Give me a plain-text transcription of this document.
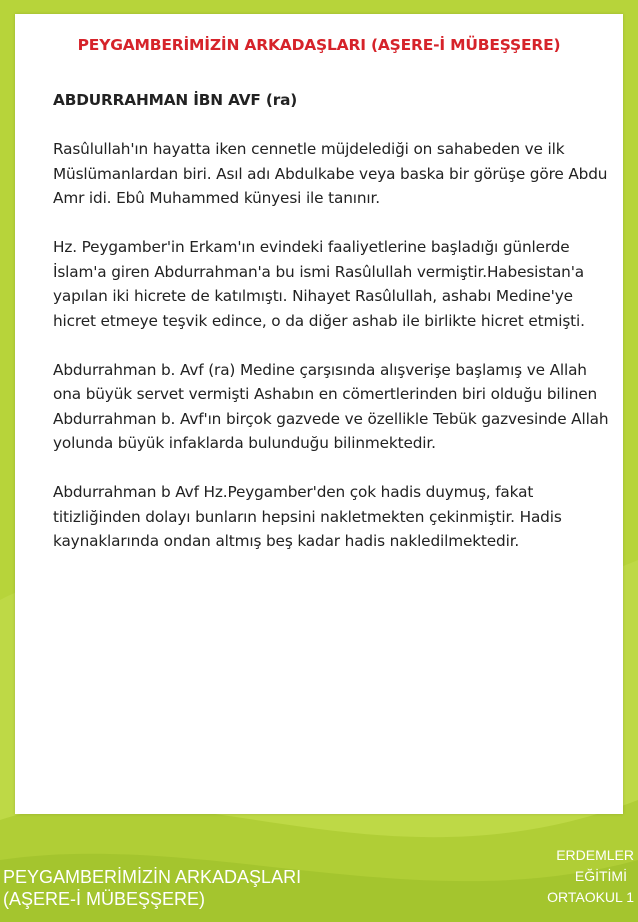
PEYGAMBERİMİZİN ARKADAŞLARI (AŞERE-İ MÜBEŞŞERE)

ABDURRAHMAN İBN AVF (ra)

Rasûlullah'ın hayatta iken cennetle müjdelediği on sahabeden ve ilk Müslümanlardan biri. Asıl adı Abdulkabe veya baska bir görüşe göre Abdu Amr idi. Ebû Muhammed künyesi ile tanınır.

Hz. Peygamber'in Erkam'ın evindeki faaliyetlerine başladığı günlerde İslam'a giren Abdurrahman'a bu ismi Rasûlullah vermiştir.Habesistan'a yapılan iki hicrete de katılmıştı. Nihayet Rasûlullah, ashabı Medine'ye hicret etmeye teşvik edince, o da diğer ashab ile birlikte hicret etmişti.

Abdurrahman b. Avf (ra) Medine çarşısında alışverişe başlamış ve Allah ona büyük servet vermişti Ashabın en cömertlerinden biri olduğu bilinen Abdurrahman b. Avf'ın birçok gazvede ve özellikle Tebük gazvesinde Allah yolunda büyük infaklarda bulunduğu bilinmektedir.

Abdurrahman b Avf Hz.Peygamber'den çok hadis duymuş, fakat titizliğinden dolayı bunların hepsini nakletmekten çekinmiştir. Hadis kaynaklarında ondan altmış beş kadar hadis nakledilmektedir.

PEYGAMBERİMİZİN ARKADAŞLARI
(AŞERE-İ MÜBEŞŞERE)
ERDEMLER
EĞİTİMİ
ORTAOKUL 1
